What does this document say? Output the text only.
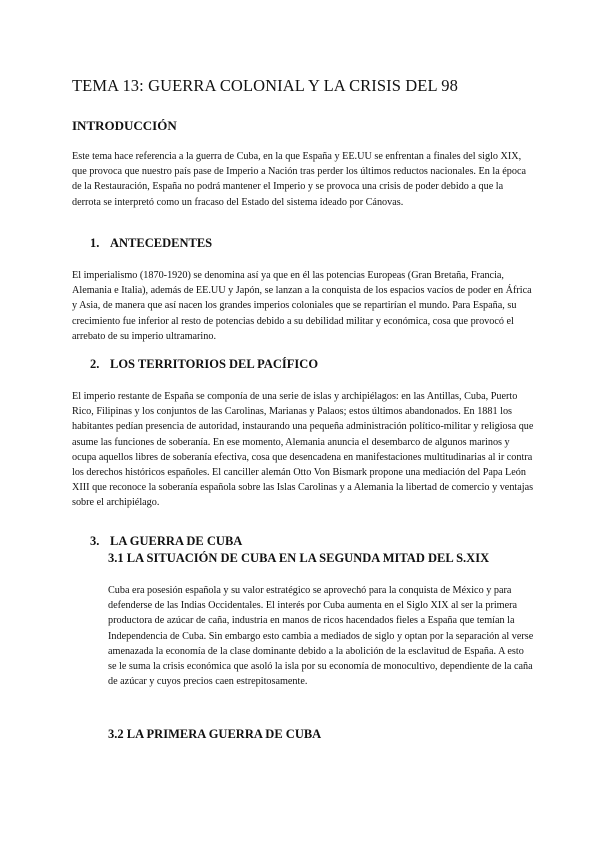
TEMA 13: GUERRA COLONIAL Y LA CRISIS DEL 98
INTRODUCCIÓN

Este tema hace referencia a la guerra de Cuba, en la que España y EE.UU se enfrentan a finales del siglo XIX, que provoca que nuestro país pase de Imperio a Nación tras perder los últimos reductos nacionales. En la época de la Restauración, España no podrá mantener el Imperio y se provoca una crisis de poder debido a que la derrota se interpretó como un fracaso del Estado del sistema ideado por Cánovas.

1. ANTECEDENTES

El imperialismo (1870-1920) se denomina así ya que en él las potencias Europeas (Gran Bretaña, Francia, Alemania e Italia), además de EE.UU y Japón, se lanzan a la conquista de los espacios vacíos de poder en África y Asia, de manera que así nacen los grandes imperios coloniales que se repartirían el mundo. Para España, su crecimiento fue inferior al resto de potencias debido a su debilidad militar y económica, cosa que provocó el arrebato de su imperio ultramarino.

2. LOS TERRITORIOS DEL PACÍFICO

El imperio restante de España se componía de una serie de islas y archipiélagos: en las Antillas, Cuba, Puerto Rico, Filipinas y los conjuntos de las Carolinas, Marianas y Palaos; estos últimos abandonados. En 1881 los habitantes pedían presencia de autoridad, instaurando una pequeña administración político-militar y religiosa que asume las funciones de soberanía. En ese momento, Alemania anuncia el desembarco de algunos marinos y ocupa aquellos libres de soberanía efectiva, cosa que desencadena en manifestaciones multitudinarias al ir contra los derechos históricos españoles. El canciller alemán Otto Von Bismark propone una mediación del Papa León XIII que reconoce la soberanía española sobre las Islas Carolinas y a Alemania la libertad de comercio y ventajas sobre el archipiélago.

3. LA GUERRA DE CUBA
3.1 LA SITUACIÓN DE CUBA EN LA SEGUNDA MITAD DEL S.XIX

Cuba era posesión española y su valor estratégico se aprovechó para la conquista de México y para defenderse de las Indias Occidentales. El interés por Cuba aumenta en el Siglo XIX al ser la primera productora de azúcar de caña, industria en manos de ricos hacendados fieles a España que temían la Independencia de Cuba. Sin embargo esto cambia a mediados de siglo y optan por la separación al verse amenazada la economía de la clase dominante debido a la abolición de la esclavitud de España. A esto se le suma la crisis económica que asoló la isla por su economía de monocultivo, dependiente de la caña de azúcar y cuyos precios caen estrepitosamente.

3.2 LA PRIMERA GUERRA DE CUBA
